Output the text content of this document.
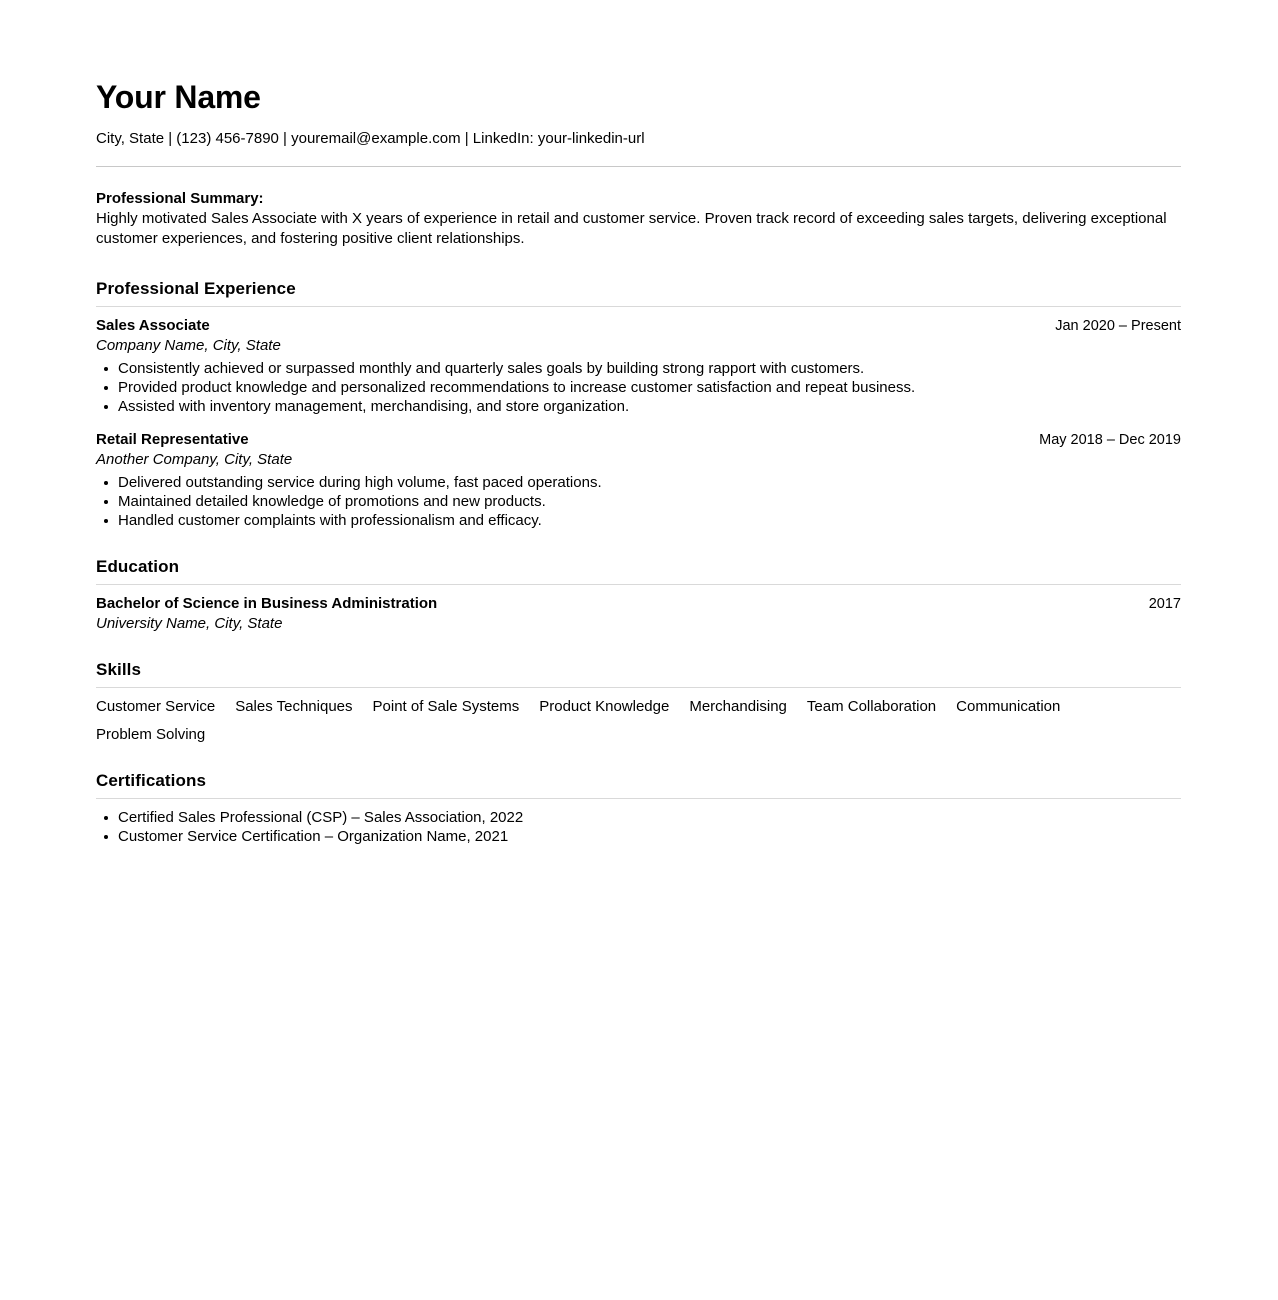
Your Name
City, State | (123) 456-7890 | youremail@example.com | LinkedIn: your-linkedin-url
Professional Summary:

Highly motivated Sales Associate with X years of experience in retail and customer service. Proven track record of exceeding sales targets, delivering exceptional customer experiences, and fostering positive client relationships.

Professional Experience
Sales Associate	Jan 2020 – Present
Company Name, City, State
Consistently achieved or surpassed monthly and quarterly sales goals by building strong rapport with customers.
Provided product knowledge and personalized recommendations to increase customer satisfaction and repeat business.
Assisted with inventory management, merchandising, and store organization.
Retail Representative	May 2018 – Dec 2019
Another Company, City, State
Delivered outstanding service during high volume, fast paced operations.
Maintained detailed knowledge of promotions and new products.
Handled customer complaints with professionalism and efficacy.
Education
Bachelor of Science in Business Administration	2017
University Name, City, State
Skills
Customer Service Sales Techniques Point of Sale Systems Product Knowledge Merchandising Team Collaboration Communication
Problem Solving
Certifications
Certified Sales Professional (CSP) – Sales Association, 2022
Customer Service Certification – Organization Name, 2021
